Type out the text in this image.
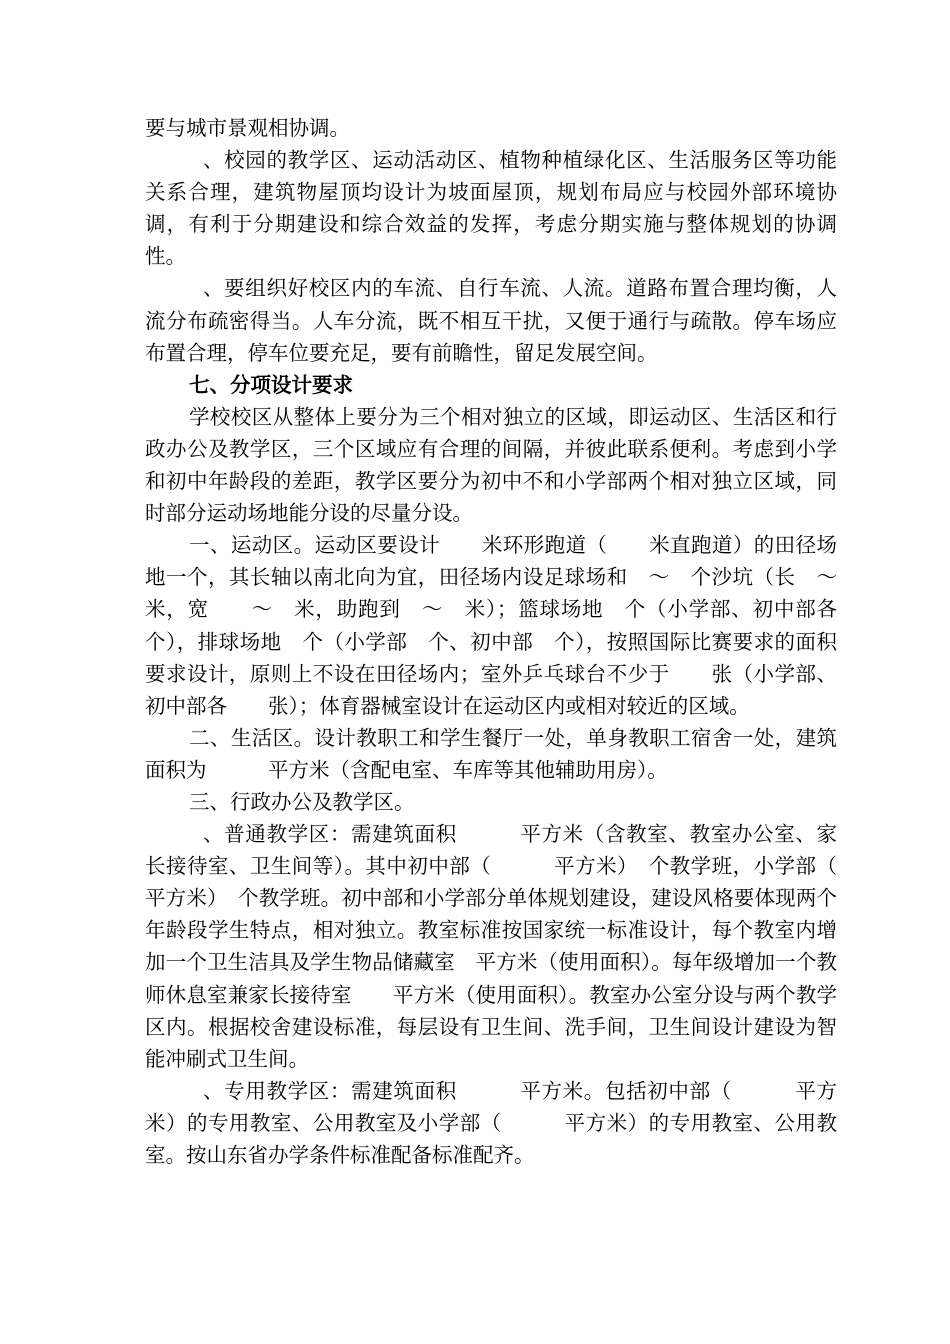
要与城市景观相协调。

、校园的教学区、运动活动区、植物种植绿化区、生活服务区等功能关系合理，建筑物屋顶均设计为坡面屋顶，规划布局应与校园外部环境协调，有利于分期建设和综合效益的发挥，考虑分期实施与整体规划的协调性。

、要组织好校区内的车流、自行车流、人流。道路布置合理均衡，人流分布疏密得当。人车分流，既不相互干扰，又便于通行与疏散。停车场应布置合理，停车位要充足，要有前瞻性，留足发展空间。

七、分项设计要求

学校校区从整体上要分为三个相对独立的区域，即运动区、生活区和行政办公及教学区，三个区域应有合理的间隔，并彼此联系便利。考虑到小学和初中年龄段的差距，教学区要分为初中不和小学部两个相对独立区域，同时部分运动场地能分设的尽量分设。

一、运动区。运动区要设计　　米环形跑道（　　米直跑道）的田径场地一个，其长轴以南北向为宜，田径场内设足球场和　～　个沙坑（长　～　米，宽　　～　米，助跑到　～　米）；篮球场地　个（小学部、初中部各　个），排球场地　个（小学部　个、初中部　个），按照国际比赛要求的面积要求设计，原则上不设在田径场内；室外乒乓球台不少于　　张（小学部、初中部各　　张）；体育器械室设计在运动区内或相对较近的区域。

二、生活区。设计教职工和学生餐厅一处，单身教职工宿舍一处，建筑面积为　　　平方米（含配电室、车库等其他辅助用房）。

三、行政办公及教学区。

、普通教学区：需建筑面积　　　平方米（含教室、教室办公室、家长接待室、卫生间等）。其中初中部（　　　平方米）　个教学班，小学部（　　　平方米）　个教学班。初中部和小学部分单体规划建设，建设风格要体现两个年龄段学生特点，相对独立。教室标准按国家统一标准设计，每个教室内增加一个卫生洁具及学生物品储藏室　平方米（使用面积）。每年级增加一个教师休息室兼家长接待室　　平方米（使用面积）。教室办公室分设与两个教学区内。根据校舍建设标准，每层设有卫生间、洗手间，卫生间设计建设为智能冲刷式卫生间。

、专用教学区：需建筑面积　　　平方米。包括初中部（　　　平方米）的专用教室、公用教室及小学部（　　　平方米）的专用教室、公用教室。按山东省办学条件标准配备标准配齐。
